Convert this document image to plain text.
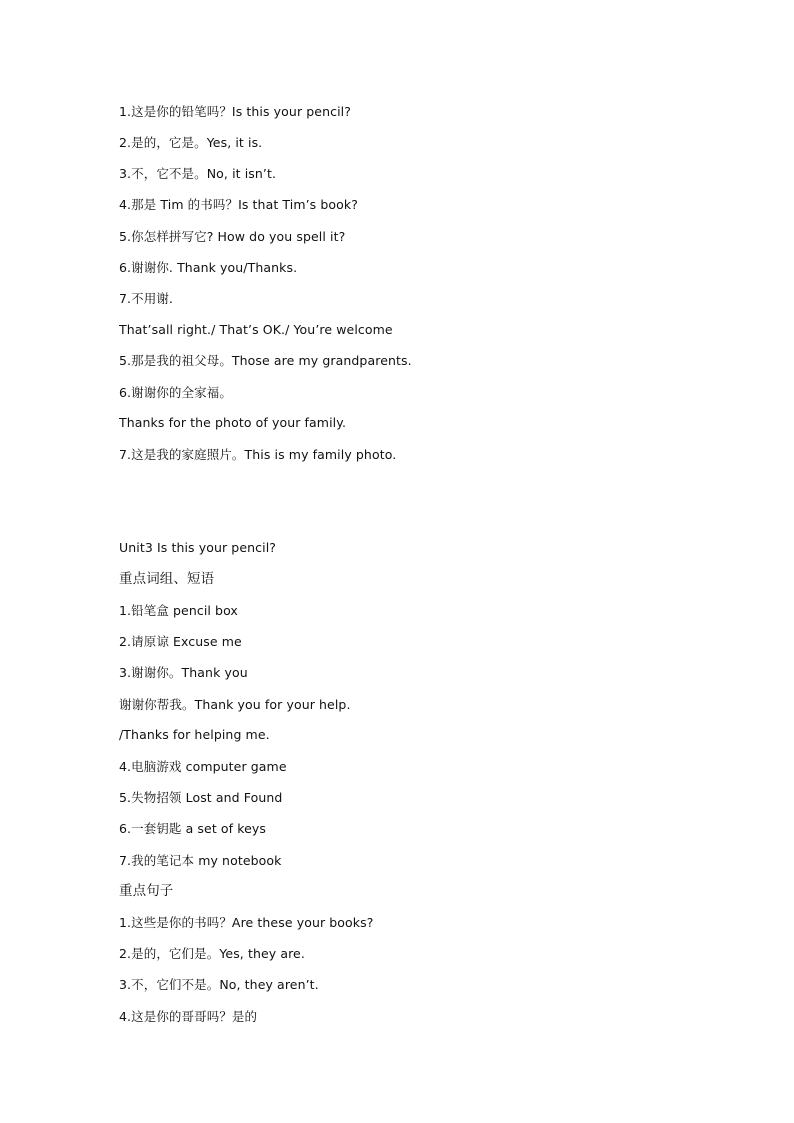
1.这是你的铅笔吗？Is this your pencil?
2.是的，它是。Yes, it is.
3.不，它不是。No, it isn’t.
4.那是 Tim 的书吗？Is that Tim’s book?
5.你怎样拼写它? How do you spell it?
6.谢谢你. Thank you/Thanks.
7.不用谢.
That’sall right./ That’s OK./ You’re welcome
5.那是我的祖父母。Those are my grandparents.
6.谢谢你的全家福。
Thanks for the photo of your family.
7.这是我的家庭照片。This is my family photo.
Unit3 Is this your pencil?
重点词组、短语
1.铅笔盒 pencil box
2.请原谅 Excuse me
3.谢谢你。Thank you
谢谢你帮我。Thank you for your help.
/Thanks for helping me.
4.电脑游戏 computer game
5.失物招领 Lost and Found
6.一套钥匙 a set of keys
7.我的笔记本 my notebook
重点句子
1.这些是你的书吗？Are these your books?
2.是的，它们是。Yes, they are.
3.不，它们不是。No, they aren’t.
4.这是你的哥哥吗？是的
